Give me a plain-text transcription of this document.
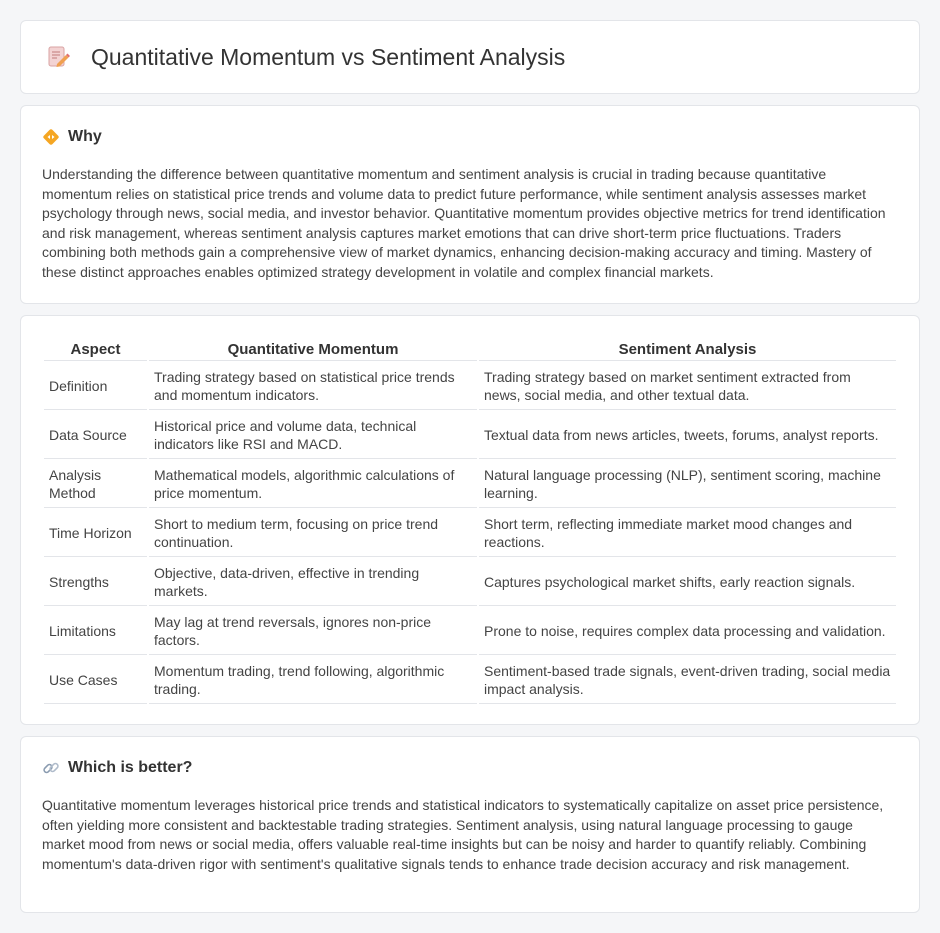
Quantitative Momentum vs Sentiment Analysis
Why

Understanding the difference between quantitative momentum and sentiment analysis is crucial in trading because quantitative momentum relies on statistical price trends and volume data to predict future performance, while sentiment analysis assesses market psychology through news, social media, and investor behavior. Quantitative momentum provides objective metrics for trend identification and risk management, whereas sentiment analysis captures market emotions that can drive short-term price fluctuations. Traders combining both methods gain a comprehensive view of market dynamics, enhancing decision-making accuracy and timing. Mastery of these distinct approaches enables optimized strategy development in volatile and complex financial markets.

Aspect	Quantitative Momentum	Sentiment Analysis
Definition	Trading strategy based on statistical price trends and momentum indicators.	Trading strategy based on market sentiment extracted from news, social media, and other textual data.
Data Source	Historical price and volume data, technical indicators like RSI and MACD.	Textual data from news articles, tweets, forums, analyst reports.
Analysis Method	Mathematical models, algorithmic calculations of price momentum.	Natural language processing (NLP), sentiment scoring, machine learning.
Time Horizon	Short to medium term, focusing on price trend continuation.	Short term, reflecting immediate market mood changes and reactions.
Strengths	Objective, data-driven, effective in trending markets.	Captures psychological market shifts, early reaction signals.
Limitations	May lag at trend reversals, ignores non-price factors.	Prone to noise, requires complex data processing and validation.
Use Cases	Momentum trading, trend following, algorithmic trading.	Sentiment-based trade signals, event-driven trading, social media impact analysis.
Which is better?

Quantitative momentum leverages historical price trends and statistical indicators to systematically capitalize on asset price persistence, often yielding more consistent and backtestable trading strategies. Sentiment analysis, using natural language processing to gauge market mood from news or social media, offers valuable real-time insights but can be noisy and harder to quantify reliably. Combining momentum's data-driven rigor with sentiment's qualitative signals tends to enhance trade decision accuracy and risk management.
